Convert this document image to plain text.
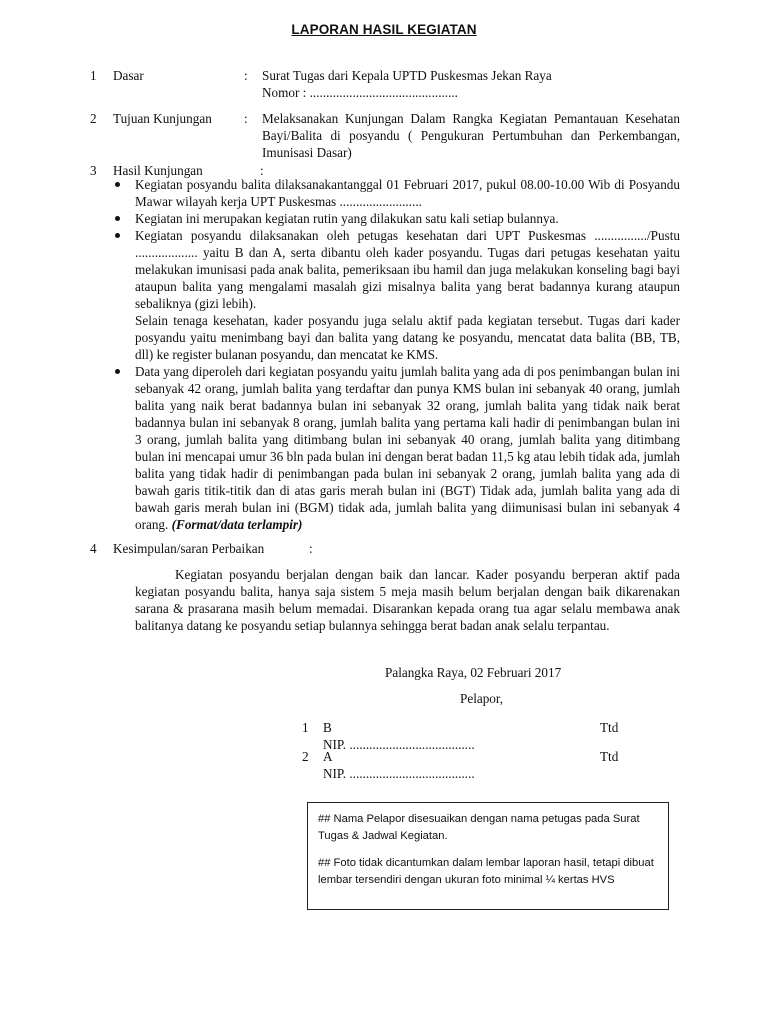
LAPORAN HASIL KEGIATAN
1 Dasar	: Surat Tugas dari Kepala UPTD Puskesmas Jekan Raya
Nomor : .............................................
2 Tujuan Kunjungan : Melaksanakan Kunjungan Dalam Rangka Kegiatan Pemantauan Kesehatan Bayi/Balita di posyandu ( Pengukuran Pertumbuhan dan Perkembangan, Imunisasi Dasar)
3 Hasil Kunjungan	:

Kegiatan posyandu balita dilaksanakantanggal 01 Februari 2017, pukul 08.00-10.00 Wib di Posyandu Mawar wilayah kerja UPT Puskesmas .........................

Kegiatan ini merupakan kegiatan rutin yang dilakukan satu kali setiap bulannya.

Kegiatan posyandu dilaksanakan oleh petugas kesehatan dari UPT Puskesmas ................/Pustu ................... yaitu B dan A, serta dibantu oleh kader posyandu. Tugas dari petugas kesehatan yaitu melakukan imunisasi pada anak balita, pemeriksaan ibu hamil dan juga melakukan konseling bagi bayi ataupun balita yang mengalami masalah gizi misalnya balita yang berat badannya kurang ataupun sebaliknya (gizi lebih).

Selain tenaga kesehatan, kader posyandu juga selalu aktif pada kegiatan tersebut. Tugas dari kader posyandu yaitu menimbang bayi dan balita yang datang ke posyandu, mencatat data balita (BB, TB, dll) ke register bulanan posyandu, dan mencatat ke KMS.

Data yang diperoleh dari kegiatan posyandu yaitu jumlah balita yang ada di pos penimbangan bulan ini sebanyak 42 orang, jumlah balita yang terdaftar dan punya KMS bulan ini sebanyak 40 orang, jumlah balita yang naik berat badannya bulan ini sebanyak 32 orang, jumlah balita yang tidak naik berat badannya bulan ini sebanyak 8 orang, jumlah balita yang pertama kali hadir di penimbangan bulan ini 3 orang, jumlah balita yang ditimbang bulan ini sebanyak 40 orang, jumlah balita yang ditimbang bulan ini mencapai umur 36 bln pada bulan ini dengan berat badan 11,5 kg atau lebih tidak ada, jumlah balita yang tidak hadir di penimbangan pada bulan ini sebanyak 2 orang, jumlah balita yang ada di bawah garis titik-titik dan di atas garis merah bulan ini (BGT) Tidak ada, jumlah balita yang ada di bawah garis merah bulan ini (BGM) tidak ada, jumlah balita yang diimunisasi bulan ini sebanyak 4 orang. (Format/data terlampir)

4 Kesimpulan/saran Perbaikan	:
Kegiatan posyandu berjalan dengan baik dan lancar. Kader posyandu berperan aktif pada kegiatan posyandu balita, hanya saja sistem 5 meja masih belum berjalan dengan baik dikarenakan sarana & prasarana masih belum memadai. Disarankan kepada orang tua agar selalu membawa anak balitanya datang ke posyandu setiap bulannya sehingga berat badan anak selalu terpantau.
Palangka Raya, 02 Februari 2017
Pelapor,
1 B	Ttd
NIP. ......................................
2 A	Ttd
NIP. ......................................

## Nama Pelapor disesuaikan dengan nama petugas pada Surat Tugas & Jadwal Kegiatan.

## Foto tidak dicantumkan dalam lembar laporan hasil, tetapi dibuat lembar tersendiri dengan ukuran foto minimal ¼ kertas HVS
